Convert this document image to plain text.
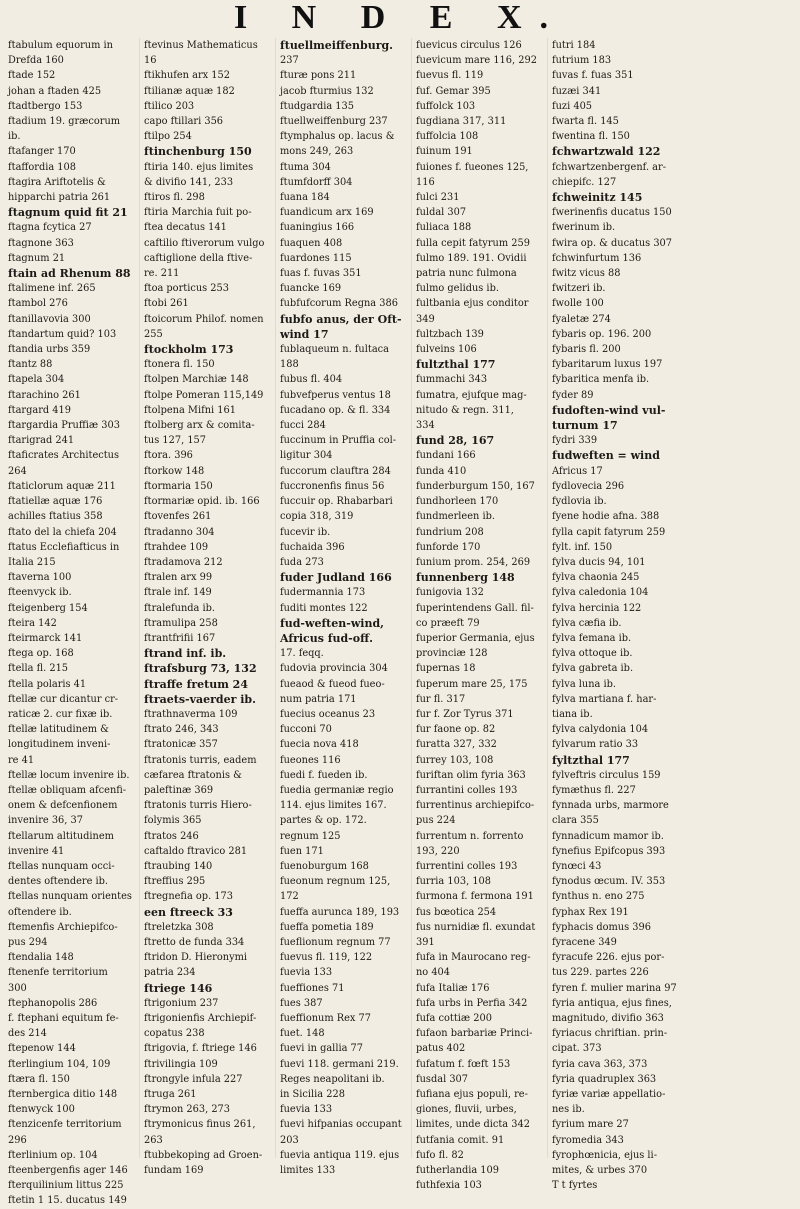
I N D E X.
ftabulum equorum in
Drefda 160
ftade 152
johan a ftaden 425
ftadtbergo 153
ftadium 19. græcorum
ib.
ftafanger 170
ftaffordia 108
ftagira Ariftotelis &
hipparchi patria 261
ftagnum quid fit 21
ftagna fcytica 27
ftagnone 363
ftagnum 21
ftain ad Rhenum 88
ftalimene inf. 265
ftambol 276
ftanillavovia 300
ftandartum quid? 103
ftandia urbs 359
ftantz 88
ftapela 304
ftarachino 261
ftargard 419
ftargardia Pruffiæ 303
ftarigrad 241
ftaficrates Architectus
264
ftaticlorum aquæ 211
ftatiellæ aquæ 176
achilles ftatius 358
ftato del la chiefa 204
ftatus Ecclefiafticus in
Italia 215
ftaverna 100
fteenvyck ib.
fteigenberg 154
fteira 142
fteirmarck 141
ftega op. 168
ftella fl. 215
ftella polaris 41
ftellæ cur dicantur cr-
raticæ 2. cur fixæ ib.
ftellæ latitudinem &
longitudinem inveni-
re 41
ftellæ locum invenire ib.
ftellæ obliquam afcenfi-
onem & defcenfionem
invenire 36, 37
ftellarum altitudinem
invenire 41
ftellas nunquam occi-
dentes oftendere ib.
ftellas nunquam orientes
oftendere ib.
ftemenfis Archiepifco-
pus 294
ftendalia 148
ftenenfe territorium
300
ftephanopolis 286
f. ftephani equitum fe-
des 214
ftepenow 144
fterlingium 104, 109
ftæra fl. 150
fternbergica ditio 148
ftenwyck 100
ftenzicenfe territorium
296
fterlinium op. 104
fteenbergenfis ager 146
fterquilinium littus 225
ftetin 1 15. ducatus 149
ftevinus Mathematicus
16
ftikhufen arx 152
ftilianæ aquæ 182
ftilico 203
capo ftillari 356
ftilpo 254
ftinchenburg 150
ftiria 140. ejus limites
& divifio 141, 233
ftiros fl. 298
ftiria Marchia fuit po-
ftea decatus 141
caftilio ftiverorum vulgo
caftiglione della ftive-
re. 211
ftoa porticus 253
ftobi 261
ftoicorum Philof. nomen
255
ftockholm 173
ftonera fl. 150
ftolpen Marchiæ 148
ftolpe Pomeran 115,149
ftolpena Mifni 161
ftolberg arx & comita-
tus 127, 157
ftora. 396
ftorkow 148
ftormaria 150
ftormariæ opid. ib. 166
ftovenfes 261
ftradanno 304
ftrahdee 109
ftradamova 212
ftralen arx 99
ftrale inf. 149
ftralefunda ib.
ftramulipa 258
ftrantfrifii 167
ftrand inf. ib.
ftrafsburg 73, 132
ftraffe fretum 24
ftraets-vaerder ib.
ftrathnaverma 109
ftrato 246, 343
ftratonicæ 357
ftratonis turris, eadem
cæfarea ftratonis &
paleftinæ 369
ftratonis turris Hiero-
folymis 365
ftratos 246
caftaldo ftravico 281
ftraubing 140
ftreffius 295
ftregnefia op. 173
een ftreeck 33
ftreletzka 308
ftretto de funda 334
ftridon D. Hieronymi
patria 234
ftriege 146
ftrigonium 237
ftrigonienfis Archiepif-
copatus 238
ftrigovia, f. ftriege 146
ftrivilingia 109
ftrongyle infula 227
ftruga 261
ftrymon 263, 273
ftrymonicus finus 261,
263
ftubbekoping ad Groen-
fundam 169
ftuellmeiffenburg.
237
fturæ pons 211
jacob fturmius 132
ftudgardia 135
ftuellweiffenburg 237
ftymphalus op. lacus &
mons 249, 263
ftuma 304
ftumfdorff 304
fuana 184
fuandicum arx 169
fuaningius 166
fuaquen 408
fuardones 115
fuas f. fuvas 351
fuancke 169
fubfufcorum Regna 386
fubfo anus, der Oft-
wind 17
fublaqueum n. fultaca
188
fubus fl. 404
fubvefperus ventus 18
fucadano op. & fl. 334
fucci 284
fuccinum in Pruffia col-
ligitur 304
fuccorum clauftra 284
fuccronenfis finus 56
fuccuir op. Rhabarbari
copia 318, 319
fucevir ib.
fuchaida 396
fuda 273
fuder Judland 166
fudermannia 173
fuditi montes 122
fud-weften-wind,
Africus fud-off.
17. feqq.
fudovia provincia 304
fueaod & fueod fueo-
num patria 171
fuecius oceanus 23
fucconi 70
fuecia nova 418
fueones 116
fuedi f. fueden ib.
fuedia germaniæ regio
114. ejus limites 167.
partes & op. 172.
regnum 125
fuen 171
fuenoburgum 168
fueonum regnum 125,
172
fueffa auruncа 189, 193
fueffa pometia 189
fueflionum regnum 77
fuevus fl. 119, 122
fuevia 133
fueffiones 71
fues 387
fueffionum Rex 77
fuet. 148
fuevi in gallia 77
fuevi 118. germani 219.
Reges neapolitani ib.
in Sicilia 228
fuevia 133
fuevi hifpanias occupant
203
fuevia antiqua 119. ejus
limites 133
fuevicus circulus 126
fuevicum mare 116, 292
fuevus fl. 119
fuf. Gemar 395
fuffolck 103
fugdiana 317, 311
fuffolcia 108
fuinum 191
fuiones f. fueones 125,
116
fulci 231
fuldal 307
fuliaca 188
fulla cepit fatyrum 259
fulmo 189. 191. Ovidii
patria nunc fulmona
fulmo gelidus ib.
fultbania ejus conditor
349
fultzbach 139
fulveins 106
fultzthal 177
fummachi 343
fumatra, ejufque mag-
nitudo & regn. 311,
334
fund 28, 167
fundani 166
funda 410
funderburgum 150, 167
fundhorleen 170
fundmerleen ib.
fundrium 208
funforde 170
funium prom. 254, 269
funnenberg 148
funigovia 132
fuperintendens Gall. fil-
co præeft 79
fuperior Germania, ejus
provinciæ 128
fupernas 18
fuperum mare 25, 175
fur fl. 317
fur f. Zor Tyrus 371
fur faone op. 82
furatta 327, 332
furrey 103, 108
furiftan olim fyria 363
furrantini colles 193
furrentinus archiepifco-
pus 224
furrentum n. forrento
193, 220
furrentini colles 193
furria 103, 108
furmona f. fermona 191
fus bœotica 254
fus nurnidiæ fl. exundat
391
fufa in Maurocano reg-
no 404
fufa Italiæ 176
fufa urbs in Perfia 342
fufa cottiæ 200
fufaon barbariæ Princi-
patus 402
fufatum f. fœft 153
fusdal 307
fufiana ejus populi, re-
giones, fluvii, urbes,
limites, unde dicta 342
futfania comit. 91
fufo fl. 82
futherlandia 109
futhfexia 103
futri 184
futrium 183
fuvas f. fuas 351
fuzæi 341
fuzi 405
fwarta fl. 145
fwentina fl. 150
fchwartzwald 122
fchwartzenbergenf. ar-
chiepifc. 127
fchweinitz 145
fwerinenfis ducatus 150
fwerinum ib.
fwira op. & ducatus 307
fchwinfurtum 136
fwitz vicus 88
fwitzeri ib.
fwolle 100
fyaletæ 274
fybaris op. 196. 200
fybaris fl. 200
fybaritarum luxus 197
fybaritica menfa ib.
fyder 89
fudoften-wind vul-
turnum 17
fydri 339
fudweften = wind
Africus 17
fydlovecia 296
fydlovia ib.
fyene hodie afna. 388
fylla capit fatyrum 259
fylt. inf. 150
fylva ducis 94, 101
fylva chaonia 245
fylva caledonia 104
fylva hercinia 122
fylva cæfia ib.
fylva femana ib.
fylva ottoque ib.
fylva gabreta ib.
fylva luna ib.
fylva martiana f. har-
tiana ib.
fylva calydonia 104
fylvarum ratio 33
fyltzthal 177
fylveftris circulus 159
fymæthus fl. 227
fynnada urbs, marmore
clara 355
fynnadicum mamor ib.
fynefius Epifcopus 393
fynœci 43
fynodus œcum. IV. 353
fynthus n. eno 275
fyphax Rex 191
fyphacis domus 396
fyracene 349
fyracufe 226. ejus por-
tus 229. partes 226
fyren f. mulier marina 97
fyria antiqua, ejus fines,
magnitudo, divifio 363
fyriacus chriftian. prin-
cipat. 373
fyria cava 363, 373
fyria quadruplex 363
fyriæ variæ appellatio-
nes ib.
fyrium mare 27
fyromedia 343
fyrophœnicia, ejus li-
mites, & urbes 370
T t fyrtes
